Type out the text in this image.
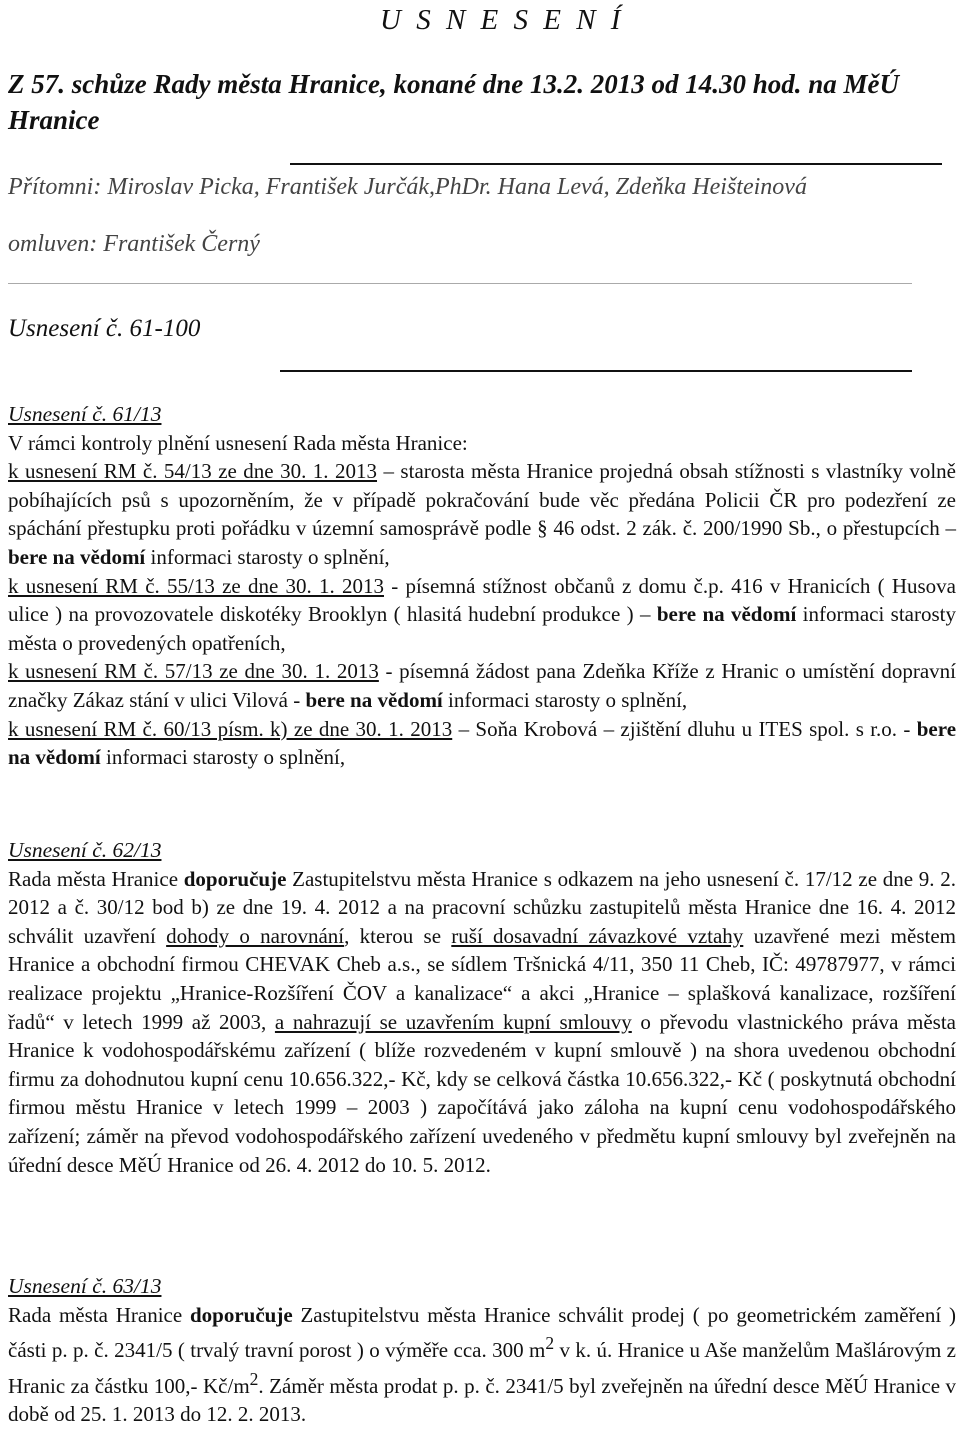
U S N E S E N Í

Z 57. schůze Rady města Hranice, konané dne 13.2. 2013 od 14.30 hod. na MěÚ Hranice

Přítomni: Miroslav Picka, František Jurčák,PhDr. Hana Levá, Zdeňka Heišteinová
omluven: František Černý
Usnesení č. 61-100

Usnesení č. 61/13

V rámci kontroly plnění usnesení Rada města Hranice:

k usnesení RM č. 54/13 ze dne 30. 1. 2013 – starosta města Hranice projedná obsah stížnosti s vlastníky volně pobíhajících psů s upozorněním, že v případě pokračování bude věc předána Policii ČR pro podezření ze spáchání přestupku proti pořádku v územní samosprávě podle § 46 odst. 2 zák. č. 200/1990 Sb., o přestupcích – bere na vědomí informaci starosty o splnění,

k usnesení RM č. 55/13 ze dne 30. 1. 2013 - písemná stížnost občanů z domu č.p. 416 v Hranicích ( Husova ulice ) na provozovatele diskotéky Brooklyn ( hlasitá hudební produkce ) – bere na vědomí informaci starosty města o provedených opatřeních,

k usnesení RM č. 57/13 ze dne 30. 1. 2013 - písemná žádost pana Zdeňka Kříže z Hranic o umístění dopravní značky Zákaz stání v ulici Vilová - bere na vědomí informaci starosty o splnění,

k usnesení RM č. 60/13 písm. k) ze dne 30. 1. 2013 – Soňa Krobová – zjištění dluhu u ITES spol. s r.o. - bere na vědomí informaci starosty o splnění,

Usnesení č. 62/13

Rada města Hranice doporučuje Zastupitelstvu města Hranice s odkazem na jeho usnesení č. 17/12 ze dne 9. 2. 2012 a č. 30/12 bod b) ze dne 19. 4. 2012 a na pracovní schůzku zastupitelů města Hranice dne 16. 4. 2012 schválit uzavření dohody o narovnání, kterou se ruší dosavadní závazkové vztahy uzavřené mezi městem Hranice a obchodní firmou CHEVAK Cheb a.s., se sídlem Tršnická 4/11, 350 11 Cheb, IČ: 49787977, v rámci realizace projektu „Hranice-Rozšíření ČOV a kanalizace“ a akci „Hranice – splašková kanalizace, rozšíření řadů“ v letech 1999 až 2003, a nahrazují se uzavřením kupní smlouvy o převodu vlastnického práva města Hranice k vodohospodářskému zařízení ( blíže rozvedeném v kupní smlouvě ) na shora uvedenou obchodní firmu za dohodnutou kupní cenu 10.656.322,- Kč, kdy se celková částka 10.656.322,- Kč ( poskytnutá obchodní firmou městu Hranice v letech 1999 – 2003 ) započítává jako záloha na kupní cenu vodohospodářského zařízení; záměr na převod vodohospodářského zařízení uvedeného v předmětu kupní smlouvy byl zveřejněn na úřední desce MěÚ Hranice od 26. 4. 2012 do 10. 5. 2012.

Usnesení č. 63/13

Rada města Hranice doporučuje Zastupitelstvu města Hranice schválit prodej ( po geometrickém zaměření ) části p. p. č. 2341/5 ( trvalý travní porost ) o výměře cca. 300 $m^2$ v k. ú. Hranice u Aše manželům Mašlárovým z Hranic za částku 100,- $Kč/m^2$. Záměr města prodat p. p. č. 2341/5 byl zveřejněn na úřední desce MěÚ Hranice v době od 25. 1. 2013 do 12. 2. 2013.
